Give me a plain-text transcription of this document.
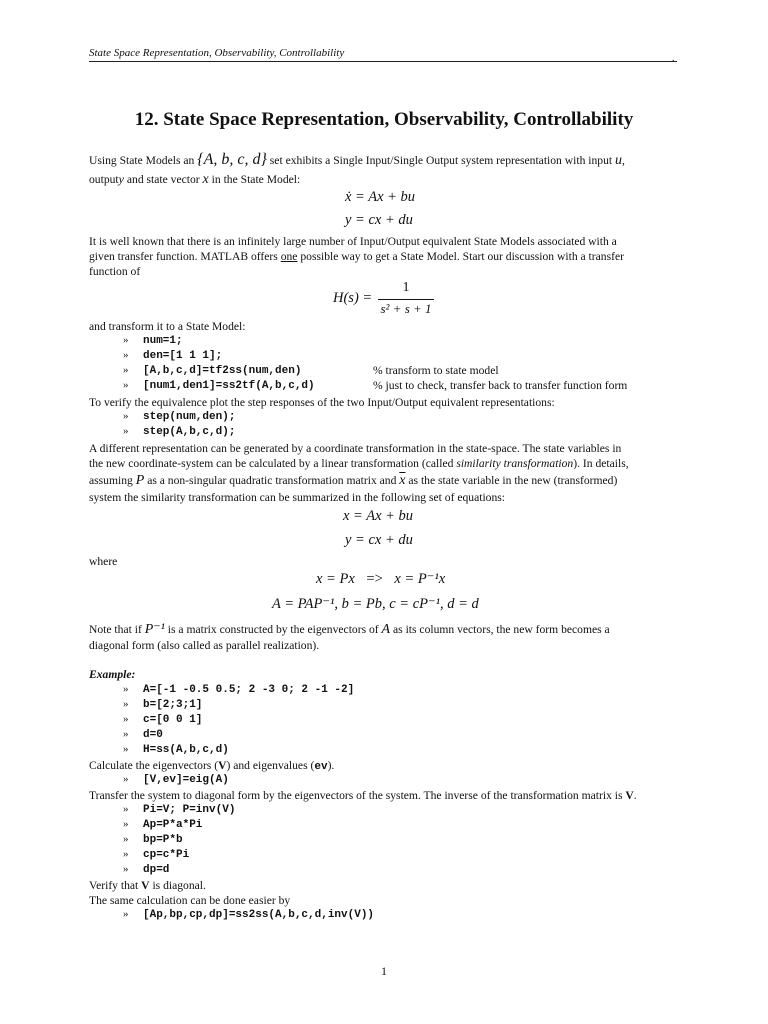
State Space Representation, Observability, Controllability	.
12. State Space Representation, Observability, Controllability
Using State Models an {A, b, c, d} set exhibits a Single Input/Single Output system representation with input u,
outputy and state vector x in the State Model:
ẋ = Ax + bu
y = cx + du
It is well known that there is an infinitely large number of Input/Output equivalent State Models associated with a
given transfer function. MATLAB offers one possible way to get a State Model. Start our discussion with a transfer
function of
H(s) =
1
s² + s + 1
and transform it to a State Model:
» num=1;
» den=[1 1 1];
» [A,b,c,d]=tf2ss(num,den)	% transform to state model
» [num1,den1]=ss2tf(A,b,c,d)	% just to check, transfer back to transfer function form
To verify the equivalence plot the step responses of the two Input/Output equivalent representations:
» step(num,den);
» step(A,b,c,d);
A different representation can be generated by a coordinate transformation in the state-space. The state variables in
the new coordinate-system can be calculated by a linear transformation (called similarity transformation). In details,
assuming P as a non-singular quadratic transformation matrix and $\overline{x}$ as the state variable in the new (transformed)
system the similarity transformation can be summarized in the following set of equations:
x = Ax + bu
y = cx + du
where
x = Px => x = P⁻¹x
A = PAP⁻¹, b = Pb, c = cP⁻¹, d = d
Note that if P⁻¹ is a matrix constructed by the eigenvectors of A as its column vectors, the new form becomes a
diagonal form (also called as parallel realization).
Example:
» A=[-1 -0.5 0.5; 2 -3 0; 2 -1 -2]
» b=[2;3;1]
» c=[0 0 1]
» d=0
» H=ss(A,b,c,d)
Calculate the eigenvectors (V) and eigenvalues (ev).
» [V,ev]=eig(A)
Transfer the system to diagonal form by the eigenvectors of the system. The inverse of the transformation matrix is V.
» Pi=V; P=inv(V)
» Ap=P*a*Pi
» bp=P*b
» cp=c*Pi
» dp=d
Verify that V is diagonal.
The same calculation can be done easier by
» [Ap,bp,cp,dp]=ss2ss(A,b,c,d,inv(V))
1
